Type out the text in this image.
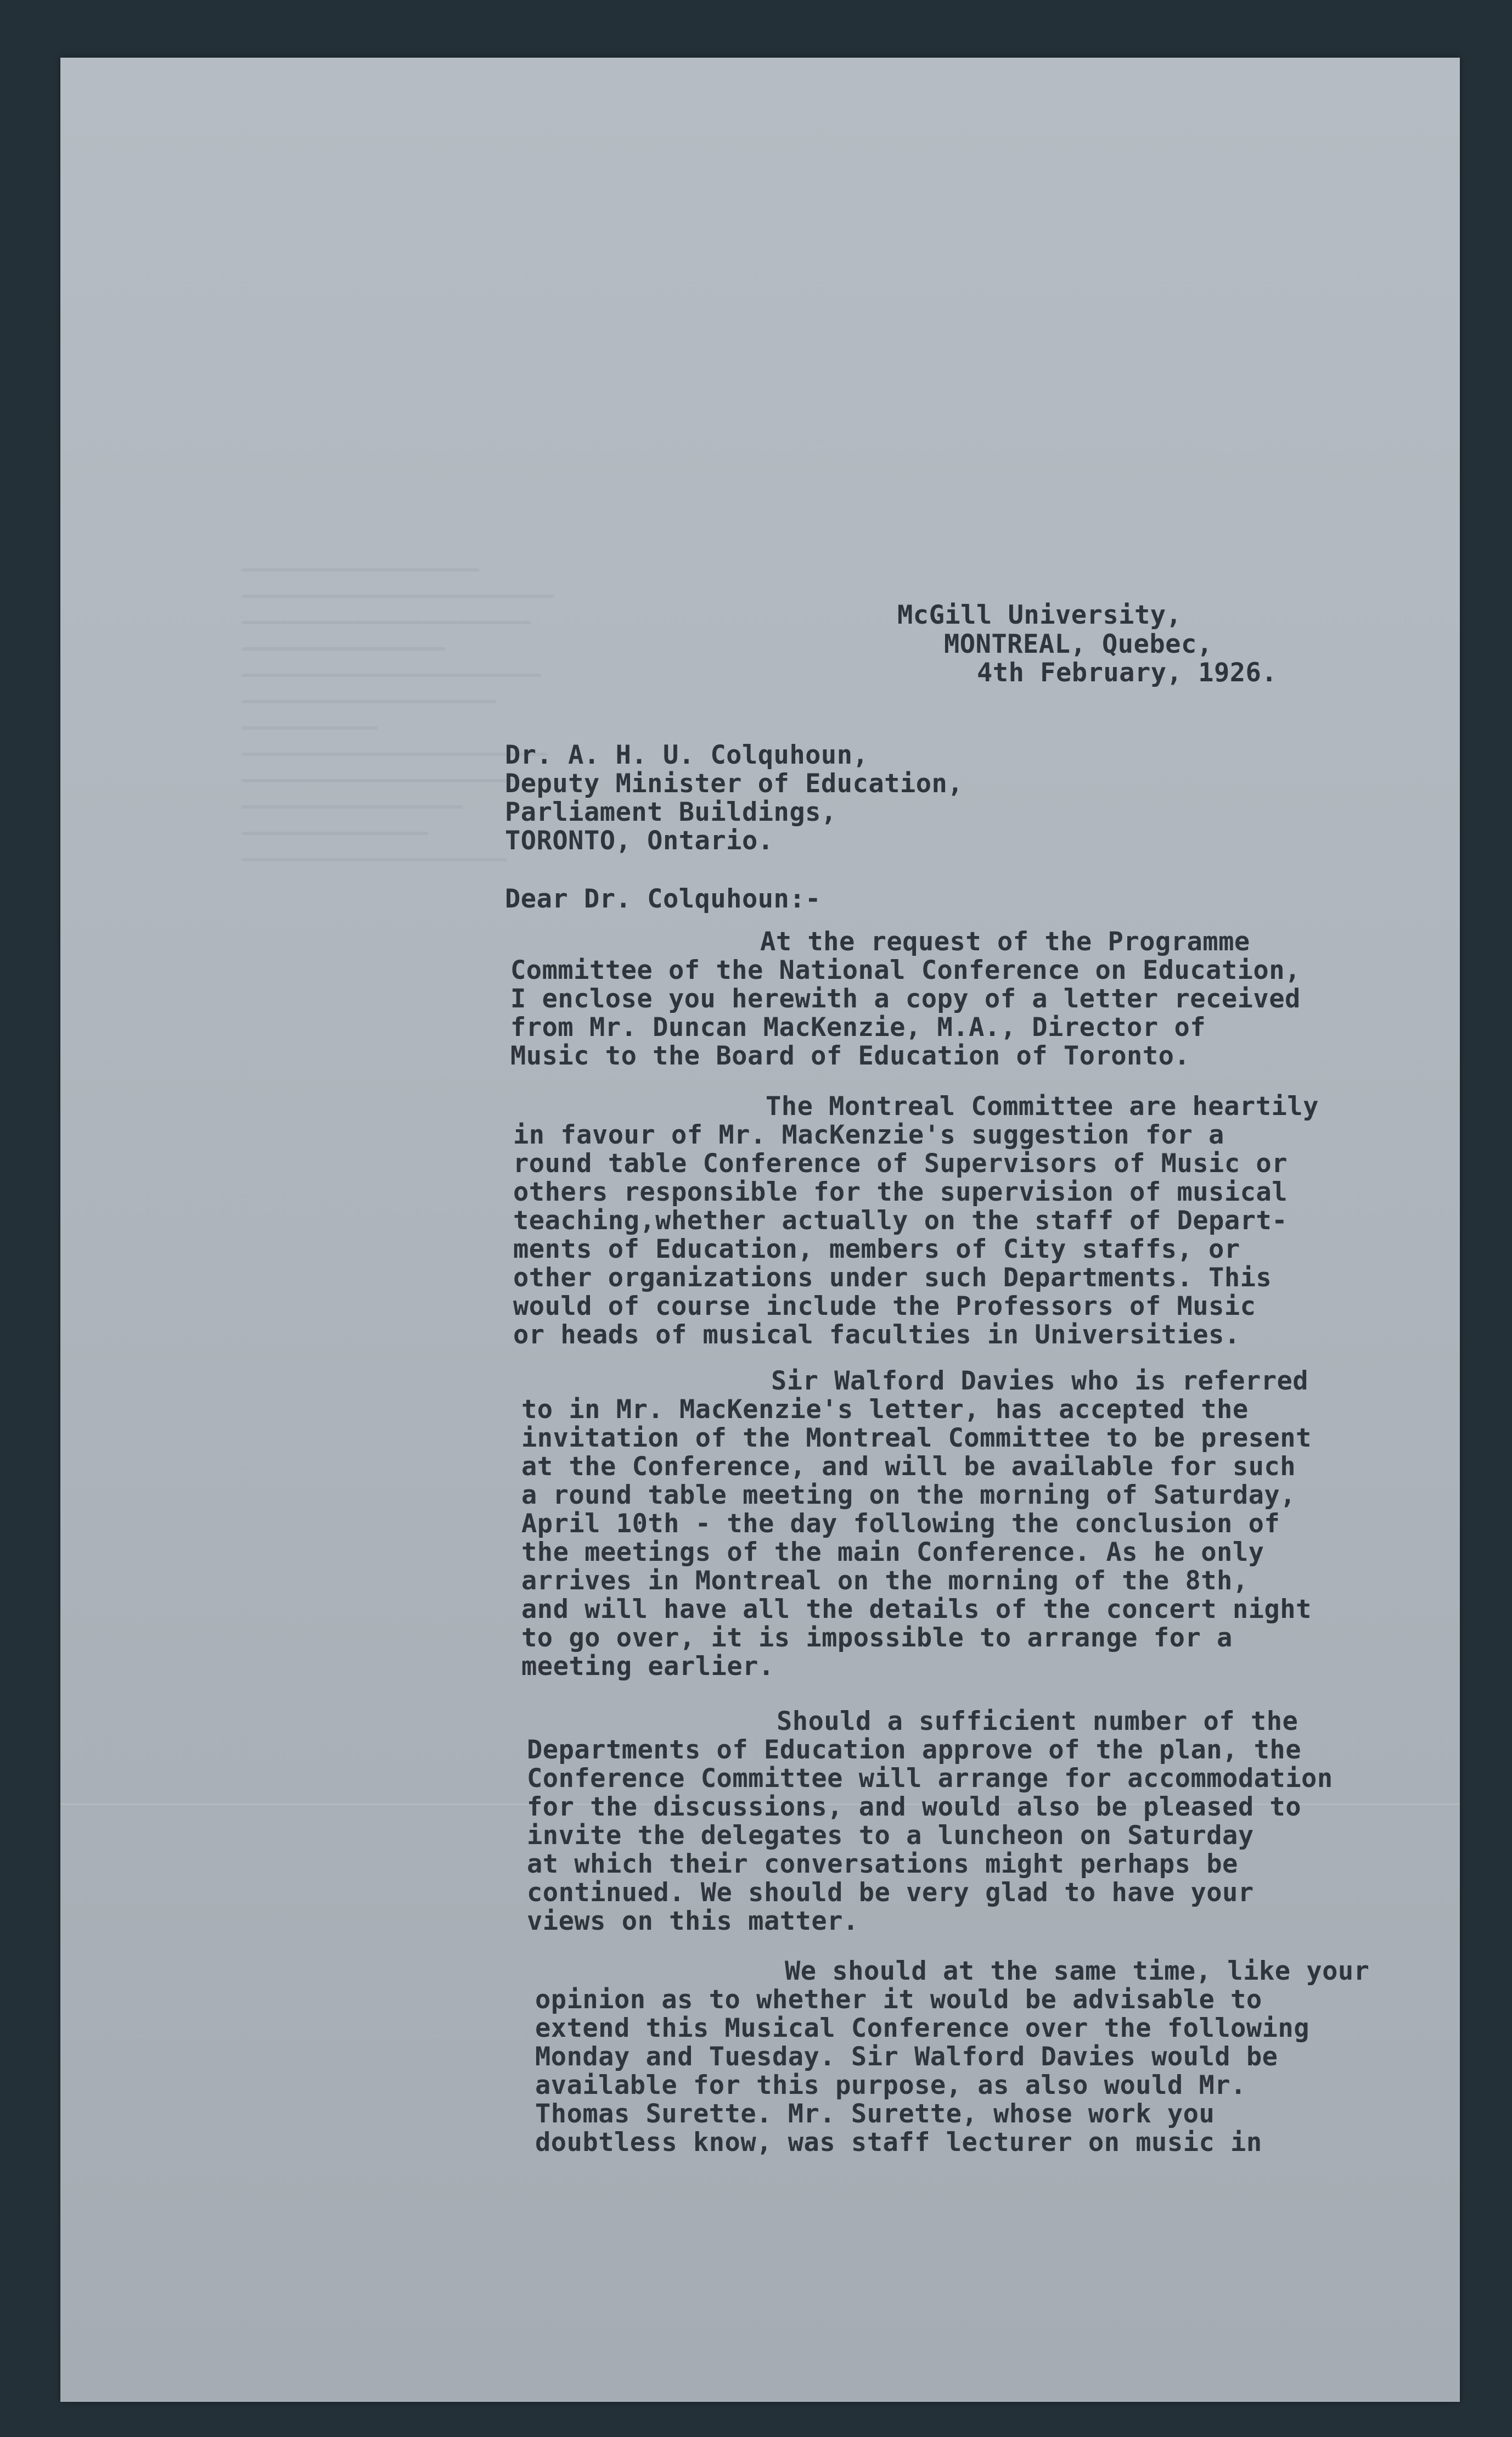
McGill University,
MONTREAL, Quebec,
4th February, 1926.
Dr. A. H. U. Colquhoun,
Deputy Minister of Education,
Parliament Buildings,
TORONTO, Ontario.
Dear Dr. Colquhoun:-
At the request of the Programme
Committee of the National Conference on Education,
I enclose you herewith a copy of a letter received
from Mr. Duncan MacKenzie, M.A., Director of
Music to the Board of Education of Toronto.
The Montreal Committee are heartily
in favour of Mr. MacKenzie's suggestion for a
round table Conference of Supervisors of Music or
others responsible for the supervision of musical
teaching,whether actually on the staff of Depart-
ments of Education, members of City staffs, or
other organizations under such Departments. This
would of course include the Professors of Music
or heads of musical faculties in Universities.
Sir Walford Davies who is referred
to in Mr. MacKenzie's letter, has accepted the
invitation of the Montreal Committee to be present
at the Conference, and will be available for such
a round table meeting on the morning of Saturday,
April 10th - the day following the conclusion of
the meetings of the main Conference. As he only
arrives in Montreal on the morning of the 8th,
and will have all the details of the concert night
to go over, it is impossible to arrange for a
meeting earlier.
Should a sufficient number of the
Departments of Education approve of the plan, the
Conference Committee will arrange for accommodation
for the discussions, and would also be pleased to
invite the delegates to a luncheon on Saturday
at which their conversations might perhaps be
continued. We should be very glad to have your
views on this matter.
We should at the same time, like your
opinion as to whether it would be advisable to
extend this Musical Conference over the following
Monday and Tuesday. Sir Walford Davies would be
available for this purpose, as also would Mr.
Thomas Surette. Mr. Surette, whose work you
doubtless know, was staff lecturer on music in
